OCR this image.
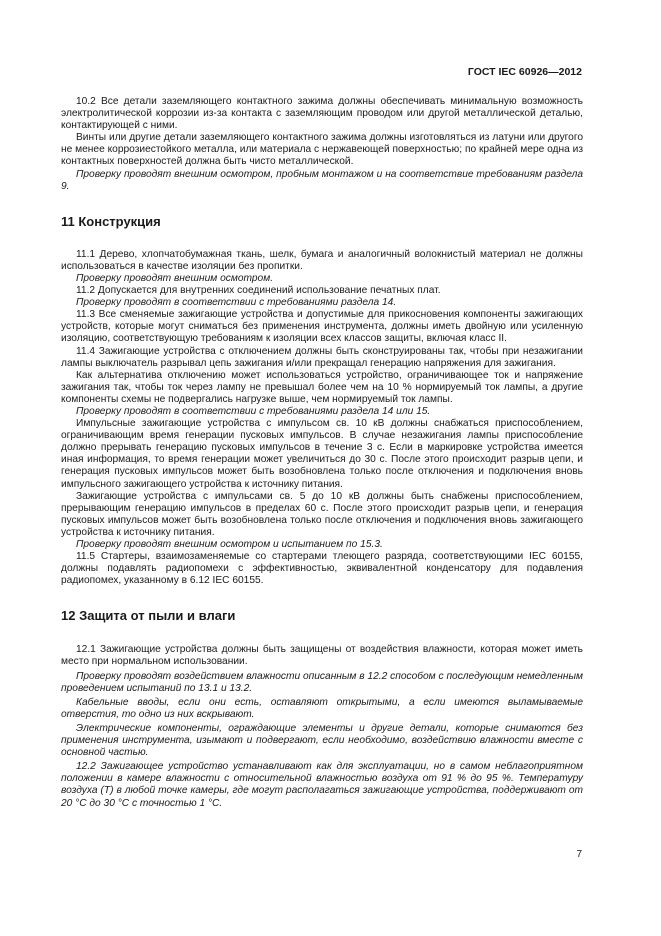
ГОСТ IEC 60926—2012

10.2 Все детали заземляющего контактного зажима должны обеспечивать минимальную возможность электролитической коррозии из-за контакта с заземляющим проводом или другой металлической деталью, контактирующей с ними.

Винты или другие детали заземляющего контактного зажима должны изготовляться из латуни или другого не менее коррозиестойкого металла, или материала с нержавеющей поверхностью; по крайней мере одна из контактных поверхностей должна быть чисто металлической.

Проверку проводят внешним осмотром, пробным монтажом и на соответствие требованиям раздела 9.

11 Конструкция

11.1 Дерево, хлопчатобумажная ткань, шелк, бумага и аналогичный волокнистый материал не должны использоваться в качестве изоляции без пропитки.

Проверку проводят внешним осмотром.

11.2 Допускается для внутренних соединений использование печатных плат.

Проверку проводят в соответствии с требованиями раздела 14.

11.3 Все сменяемые зажигающие устройства и допустимые для прикосновения компоненты зажигающих устройств, которые могут сниматься без применения инструмента, должны иметь двойную или усиленную изоляцию, соответствующую требованиям к изоляции всех классов защиты, включая класс II.

11.4 Зажигающие устройства с отключением должны быть сконструированы так, чтобы при незажигании лампы выключатель разрывал цепь зажигания и/или прекращал генерацию напряжения для зажигания.

Как альтернатива отключению может использоваться устройство, ограничивающее ток и напряжение зажигания так, чтобы ток через лампу не превышал более чем на 10 % нормируемый ток лампы, а другие компоненты схемы не подвергались нагрузке выше, чем нормируемый ток лампы.

Проверку проводят в соответствии с требованиями раздела 14 или 15.

Импульсные зажигающие устройства с импульсом св. 10 кВ должны снабжаться приспособлением, ограничивающим время генерации пусковых импульсов. В случае незажигания лампы приспособление должно прерывать генерацию пусковых импульсов в течение 3 с. Если в маркировке устройства имеется иная информация, то время генерации может увеличиться до 30 с. После этого происходит разрыв цепи, и генерация пусковых импульсов может быть возобновлена только после отключения и подключения вновь импульсного зажигающего устройства к источнику питания.

Зажигающие устройства с импульсами св. 5 до 10 кВ должны быть снабжены приспособлением, прерывающим генерацию импульсов в пределах 60 с. После этого происходит разрыв цепи, и генерация пусковых импульсов может быть возобновлена только после отключения и подключения вновь зажигающего устройства к источнику питания.

Проверку проводят внешним осмотром и испытанием по 15.3.

11.5 Стартеры, взаимозаменяемые со стартерами тлеющего разряда, соответствующими IEC 60155, должны подавлять радиопомехи с эффективностью, эквивалентной конденсатору для подавления радиопомех, указанному в 6.12 IEC 60155.

12 Защита от пыли и влаги

12.1 Зажигающие устройства должны быть защищены от воздействия влажности, которая может иметь место при нормальном использовании.

Проверку проводят воздействием влажности описанным в 12.2 способом с последующим немедленным проведением испытаний по 13.1 и 13.2.

Кабельные вводы, если они есть, оставляют открытыми, а если имеются выламываемые отверстия, то одно из них вскрывают.

Электрические компоненты, ограждающие элементы и другие детали, которые снимаются без применения инструмента, изымают и подвергают, если необходимо, воздействию влажности вместе с основной частью.

12.2 Зажигающее устройство устанавливают как для эксплуатации, но в самом неблагоприятном положении в камере влажности с относительной влажностью воздуха от 91 % до 95 %. Температуру воздуха (T) в любой точке камеры, где могут располагаться зажигающие устройства, поддерживают от 20 °С до 30 °С с точностью 1 °С.

7
